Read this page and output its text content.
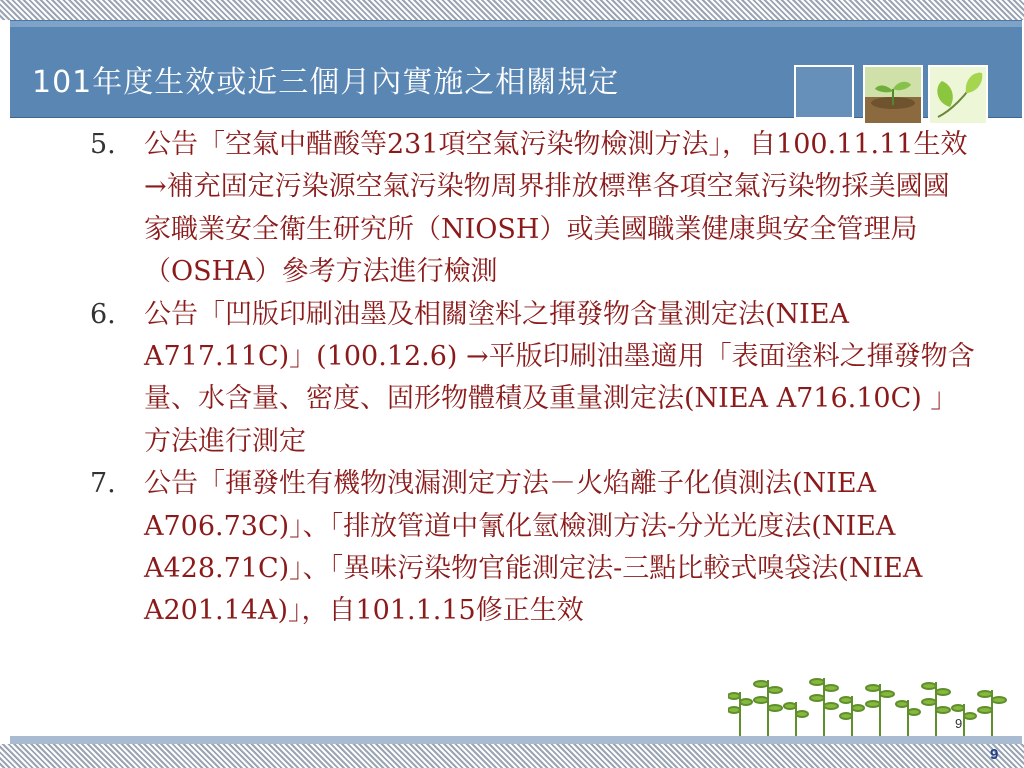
101年度生效或近三個月內實施之相關規定
5. 公告「空氣中醋酸等231項空氣污染物檢測方法」，自100.11.11生效→補充固定污染源空氣污染物周界排放標準各項空氣污染物採美國國家職業安全衛生研究所（NIOSH）或美國職業健康與安全管理局（OSHA）參考方法進行檢測
6. 公告「凹版印刷油墨及相關塗料之揮發物含量測定法(NIEA A717.11C)」(100.12.6) →平版印刷油墨適用「表面塗料之揮發物含量、水含量、密度、固形物體積及重量測定法(NIEA A716.10C) 」方法進行測定
7. 公告「揮發性有機物洩漏測定方法－火焰離子化偵測法(NIEA A706.73C)」、「排放管道中氰化氫檢測方法-分光光度法(NIEA A428.71C)」、「異味污染物官能測定法-三點比較式嗅袋法(NIEA A201.14A)」，自101.1.15修正生效
9
9
